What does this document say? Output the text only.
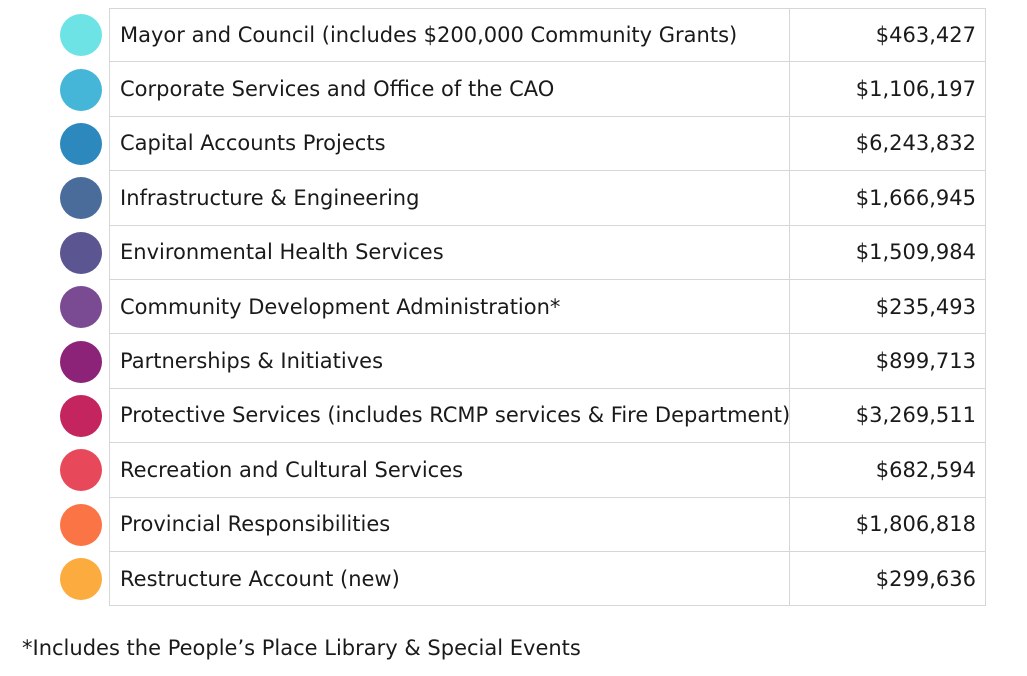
Mayor and Council (includes $200,000 Community Grants)	$463,427
Corporate Services and Office of the CAO	$1,106,197
Capital Accounts Projects	$6,243,832
Infrastructure & Engineering	$1,666,945
Environmental Health Services	$1,509,984
Community Development Administration*	$235,493
Partnerships & Initiatives	$899,713
Protective Services (includes RCMP services & Fire Department)	$3,269,511
Recreation and Cultural Services	$682,594
Provincial Responsibilities	$1,806,818
Restructure Account (new)	$299,636
*Includes the People’s Place Library & Special Events
